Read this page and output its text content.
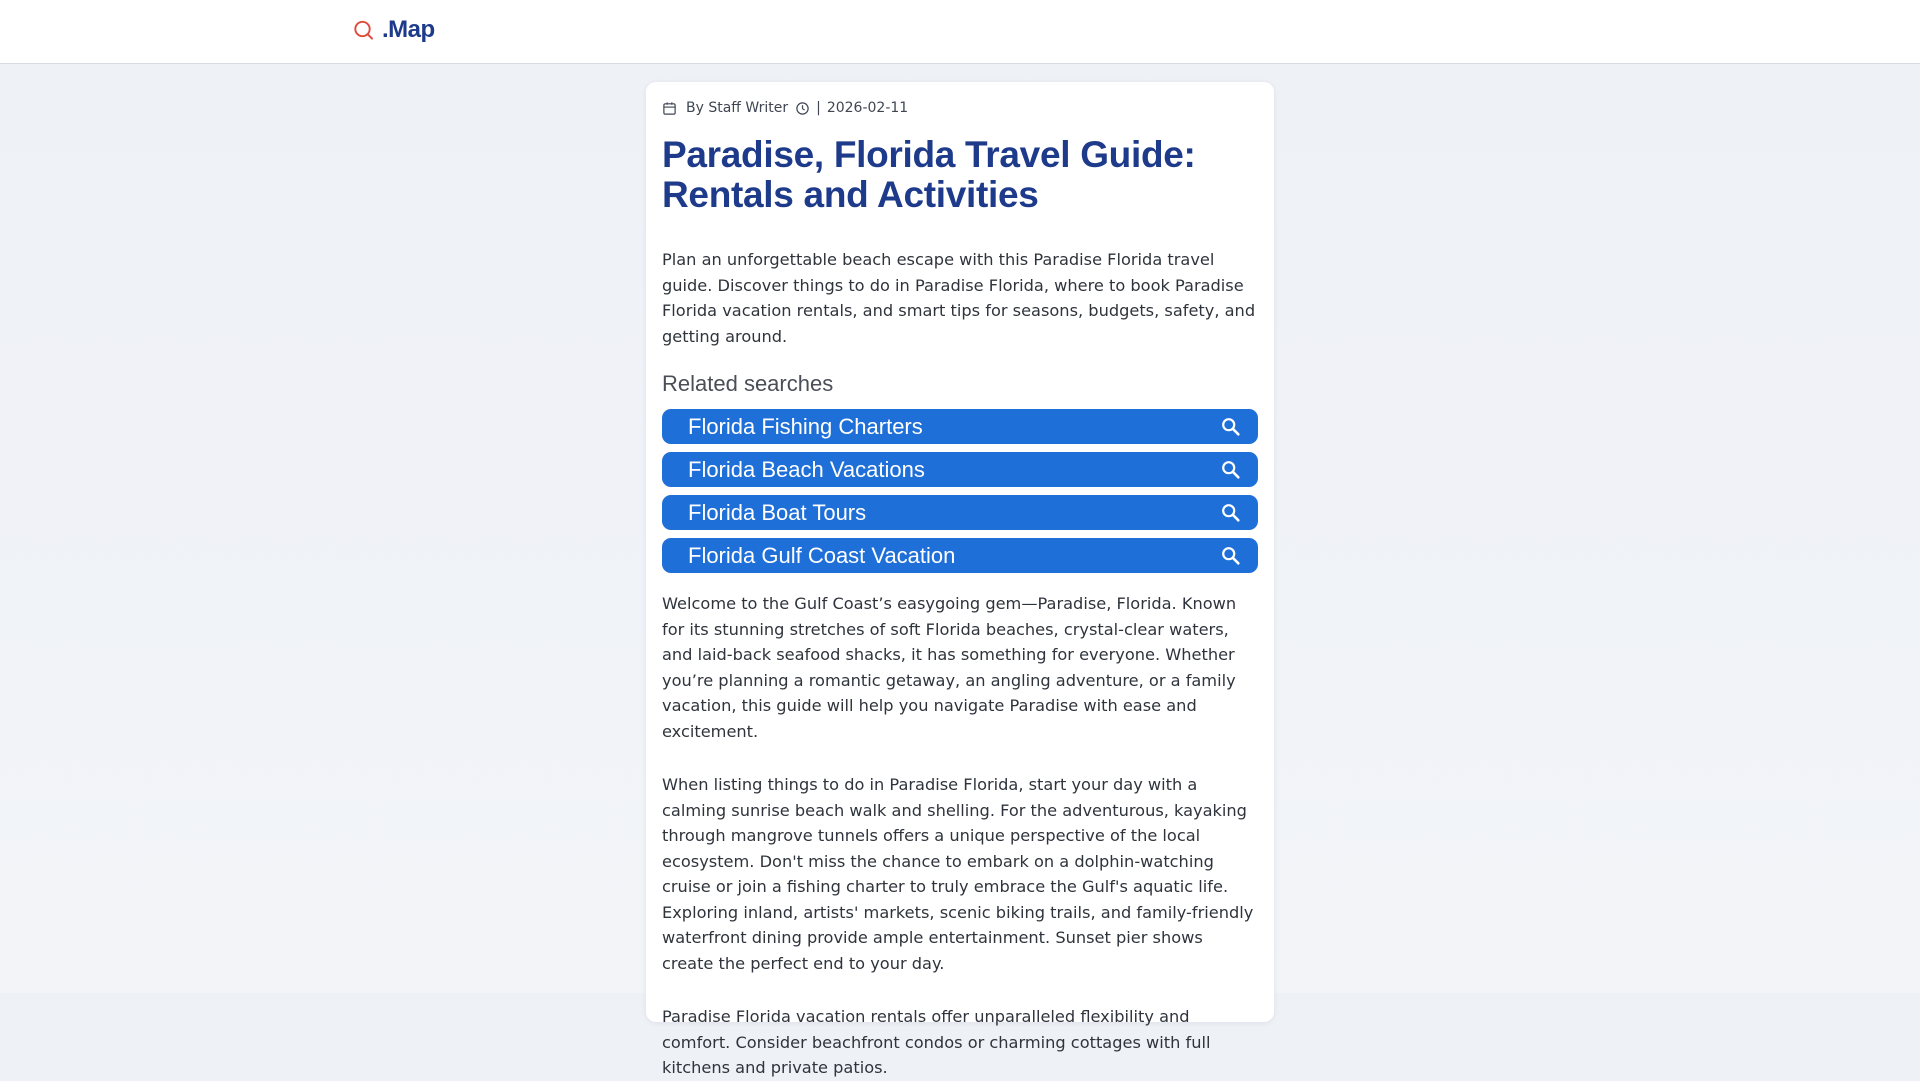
.Map
By Staff Writer | 2026-02-11
Paradise, Florida Travel Guide: Rentals and Activities

Plan an unforgettable beach escape with this Paradise Florida travel guide. Discover things to do in Paradise Florida, where to book Paradise Florida vacation rentals, and smart tips for seasons, budgets, safety, and getting around.

Related searches
Florida Fishing Charters
Florida Beach Vacations
Florida Boat Tours
Florida Gulf Coast Vacation

Welcome to the Gulf Coast’s easygoing gem—Paradise, Florida. Known for its stunning stretches of soft Florida beaches, crystal-clear waters, and laid-back seafood shacks, it has something for everyone. Whether you’re planning a romantic getaway, an angling adventure, or a family vacation, this guide will help you navigate Paradise with ease and excitement.

When listing things to do in Paradise Florida, start your day with a calming sunrise beach walk and shelling. For the adventurous, kayaking through mangrove tunnels offers a unique perspective of the local ecosystem. Don't miss the chance to embark on a dolphin-watching cruise or join a fishing charter to truly embrace the Gulf's aquatic life. Exploring inland, artists' markets, scenic biking trails, and family-friendly waterfront dining provide ample entertainment. Sunset pier shows create the perfect end to your day.

Paradise Florida vacation rentals offer unparalleled flexibility and comfort. Consider beachfront condos or charming cottages with full kitchens and private patios.
